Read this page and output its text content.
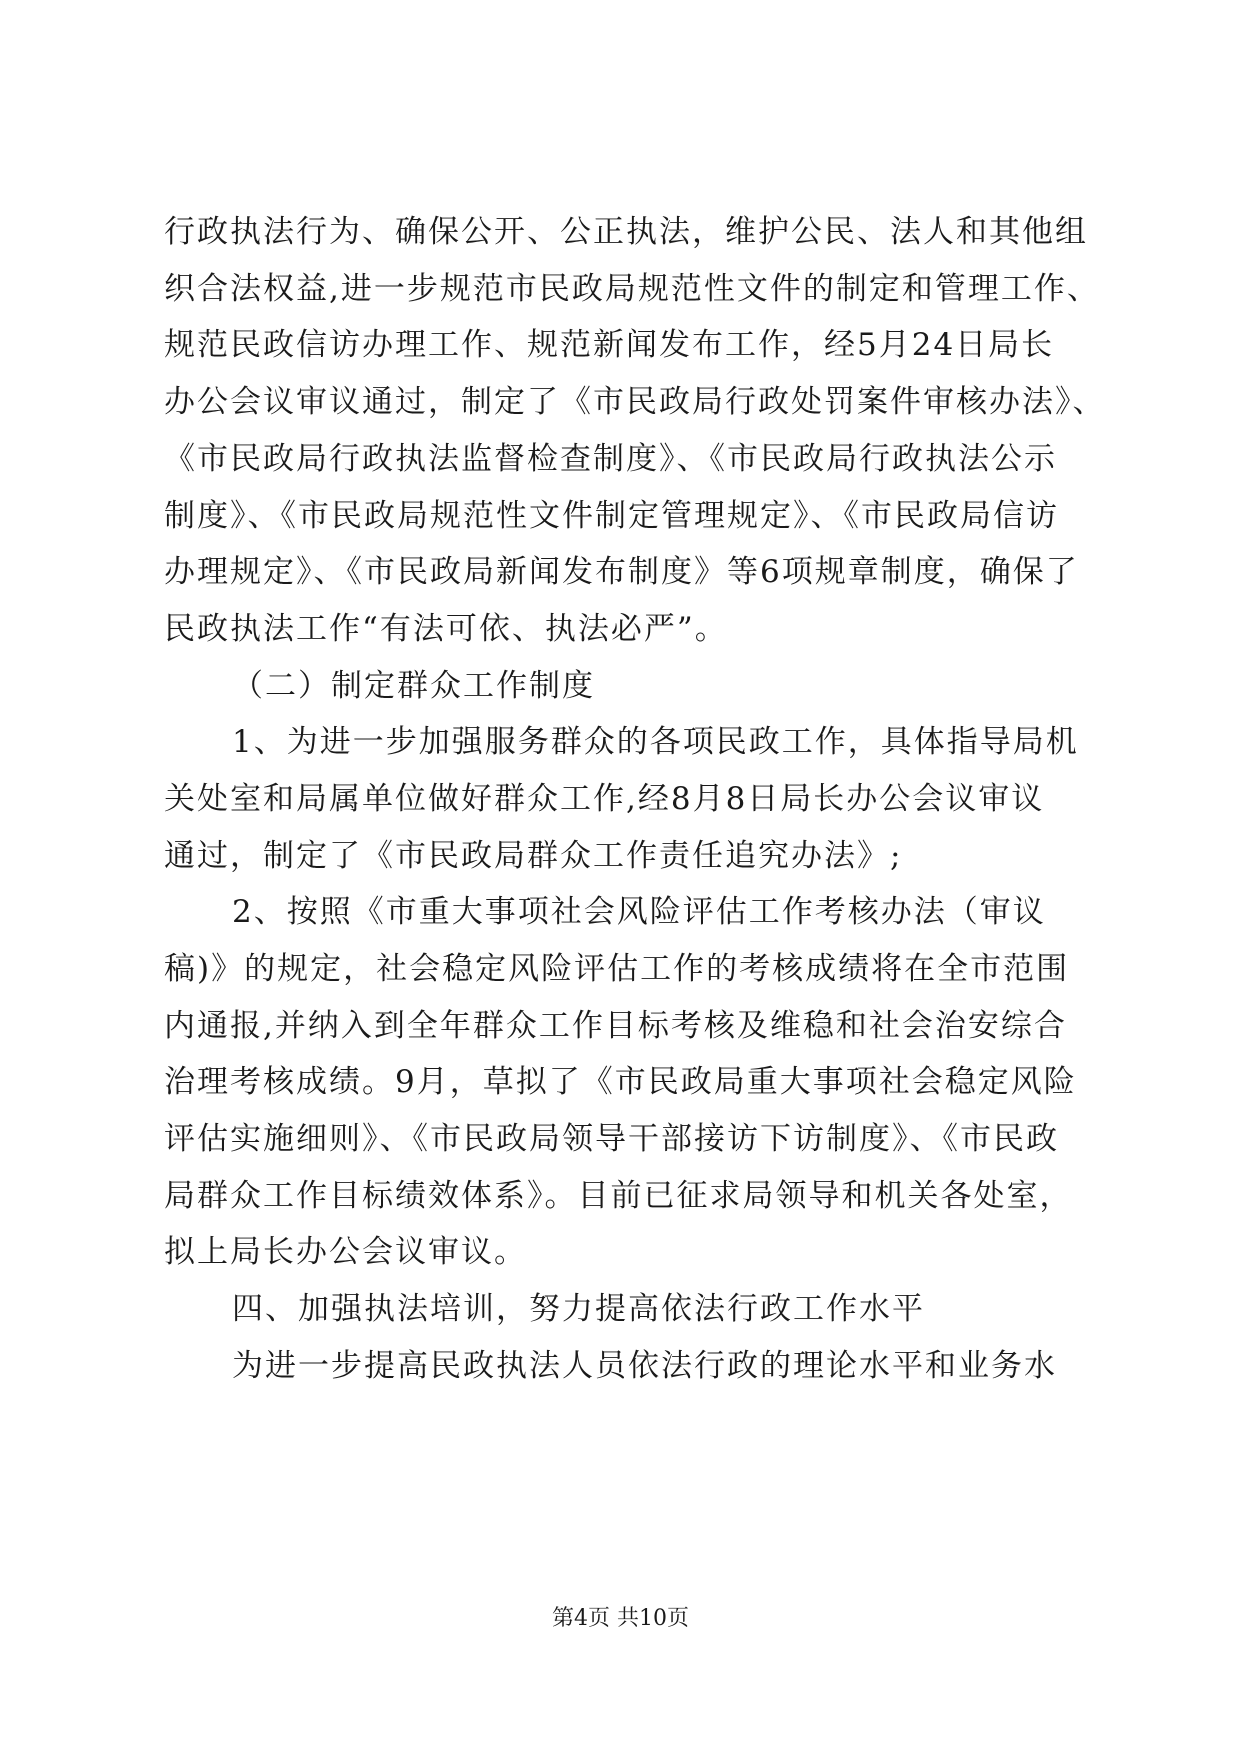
行政执法行为、确保公开、公正执法，维护公民、法人和其他组
织合法权益,进一步规范市民政局规范性文件的制定和管理工作、
规范民政信访办理工作、规范新闻发布工作，经5月24日局长
办公会议审议通过，制定了《市民政局行政处罚案件审核办法》、
《市民政局行政执法监督检查制度》、《市民政局行政执法公示
制度》、《市民政局规范性文件制定管理规定》、《市民政局信访
办理规定》、《市民政局新闻发布制度》等6项规章制度，确保了
民政执法工作“有法可依、执法必严”。
（二）制定群众工作制度
1、为进一步加强服务群众的各项民政工作，具体指导局机
关处室和局属单位做好群众工作,经8月8日局长办公会议审议
通过，制定了《市民政局群众工作责任追究办法》;
2、按照《市重大事项社会风险评估工作考核办法（审议
稿)》的规定，社会稳定风险评估工作的考核成绩将在全市范围
内通报,并纳入到全年群众工作目标考核及维稳和社会治安综合
治理考核成绩。9月，草拟了《市民政局重大事项社会稳定风险
评估实施细则》、《市民政局领导干部接访下访制度》、《市民政
局群众工作目标绩效体系》。目前已征求局领导和机关各处室，
拟上局长办公会议审议。
四、加强执法培训，努力提高依法行政工作水平
为进一步提高民政执法人员依法行政的理论水平和业务水
第4页 共10页
